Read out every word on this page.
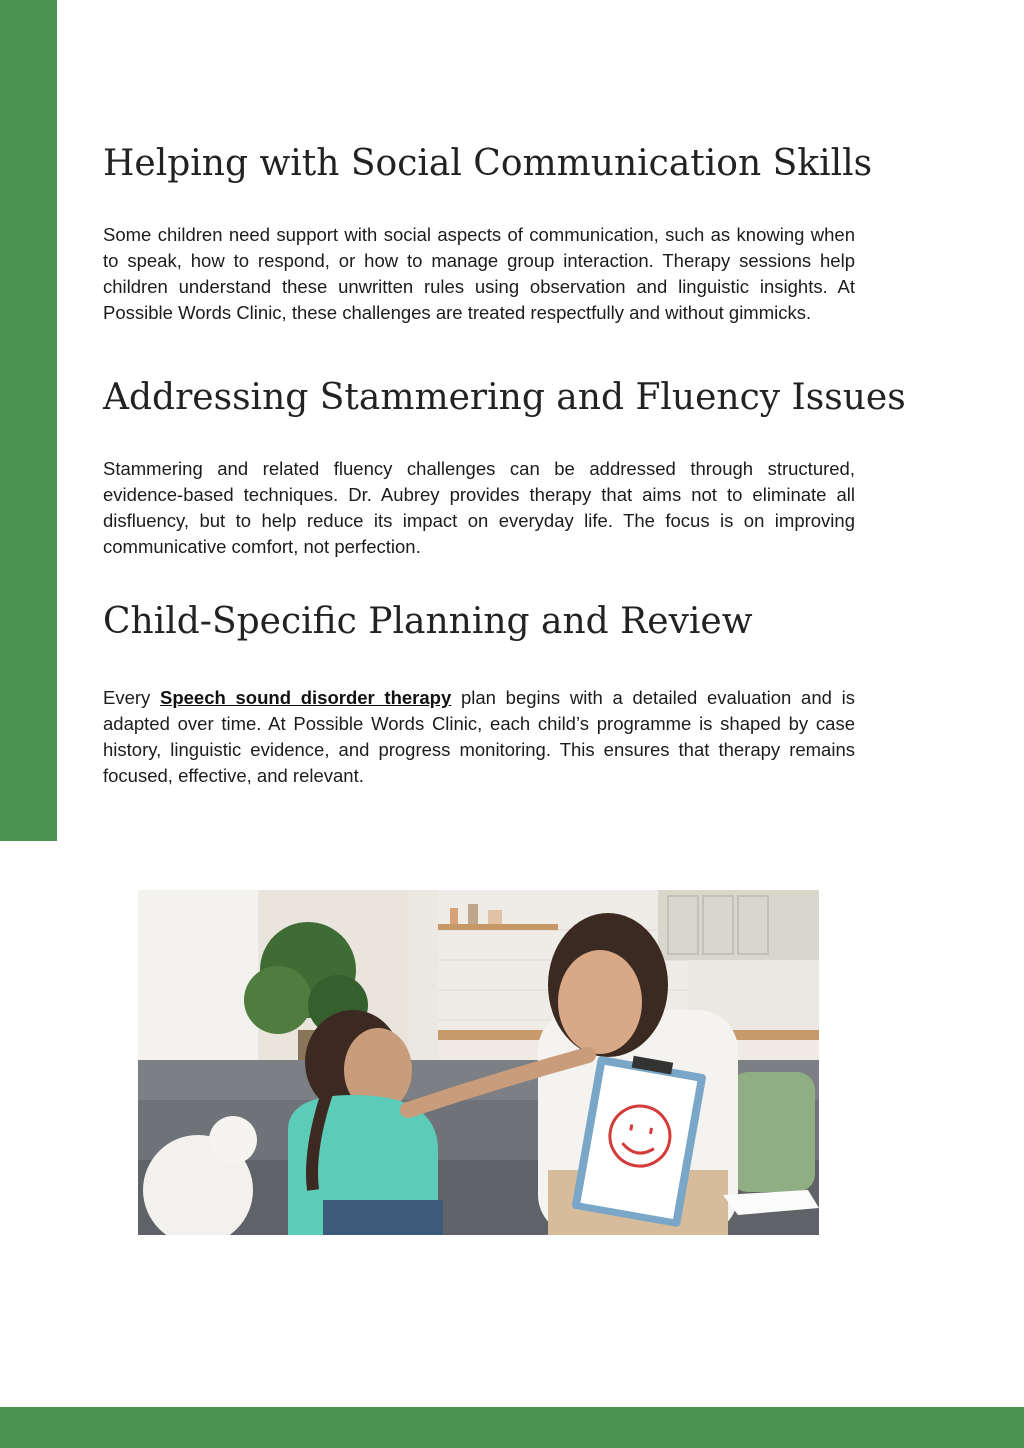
Helping with Social Communication Skills

Some children need support with social aspects of communication, such as knowing when to speak, how to respond, or how to manage group interaction. Therapy sessions help children understand these unwritten rules using observation and linguistic insights. At Possible Words Clinic, these challenges are treated respectfully and without gimmicks.

Addressing Stammering and Fluency Issues

Stammering and related fluency challenges can be addressed through structured, evidence-based techniques. Dr. Aubrey provides therapy that aims not to eliminate all disfluency, but to help reduce its impact on everyday life. The focus is on improving communicative comfort, not perfection.

Child-Specific Planning and Review

Every Speech sound disorder therapy plan begins with a detailed evaluation and is adapted over time. At Possible Words Clinic, each child’s programme is shaped by case history, linguistic evidence, and progress monitoring. This ensures that therapy remains focused, effective, and relevant.
